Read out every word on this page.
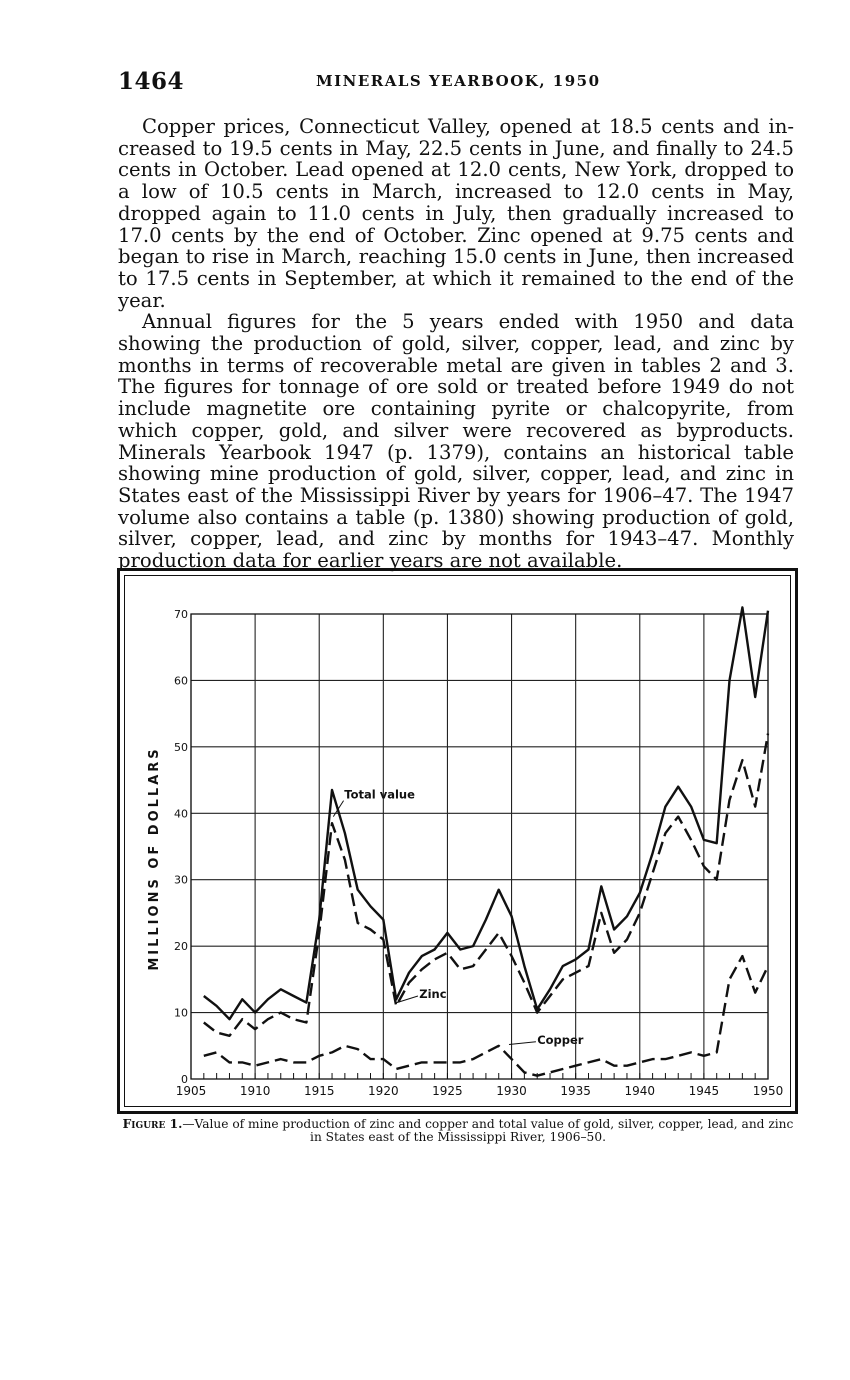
1464	MINERALS YEARBOOK, 1950

Copper prices, Connecticut Valley, opened at 18.5 cents and increased to 19.5 cents in May, 22.5 cents in June, and finally to 24.5 cents in October. Lead opened at 12.0 cents, New York, dropped to a low of 10.5 cents in March, increased to 12.0 cents in May, dropped again to 11.0 cents in July, then gradually increased to 17.0 cents by the end of October. Zinc opened at 9.75 cents and began to rise in March, reaching 15.0 cents in June, then increased to 17.5 cents in September, at which it remained to the end of the year.

Annual figures for the 5 years ended with 1950 and data showing the production of gold, silver, copper, lead, and zinc by months in terms of recoverable metal are given in tables 2 and 3. The figures for tonnage of ore sold or treated before 1949 do not include magnetite ore containing pyrite or chalcopyrite, from which copper, gold, and silver were recovered as byproducts. Minerals Yearbook 1947 (p. 1379), contains an historical table showing mine production of gold, silver, copper, lead, and zinc in States east of the Mississippi River by years for 1906–47. The 1947 volume also contains a table (p. 1380) showing production of gold, silver, copper, lead, and zinc by months for 1943–47. Monthly production data for earlier years are not available.

1905	1910	1915	1920	1925	1930	1935	1940	1945	1950
0
10
20
30
40
50
60
70
Total value
Zinc
Copper
MILLIONS OF DOLLARS
Figure 1.—Value of mine production of zinc and copper and total value of gold, silver, copper, lead, and zinc in States east of the Mississippi River, 1906–50.
